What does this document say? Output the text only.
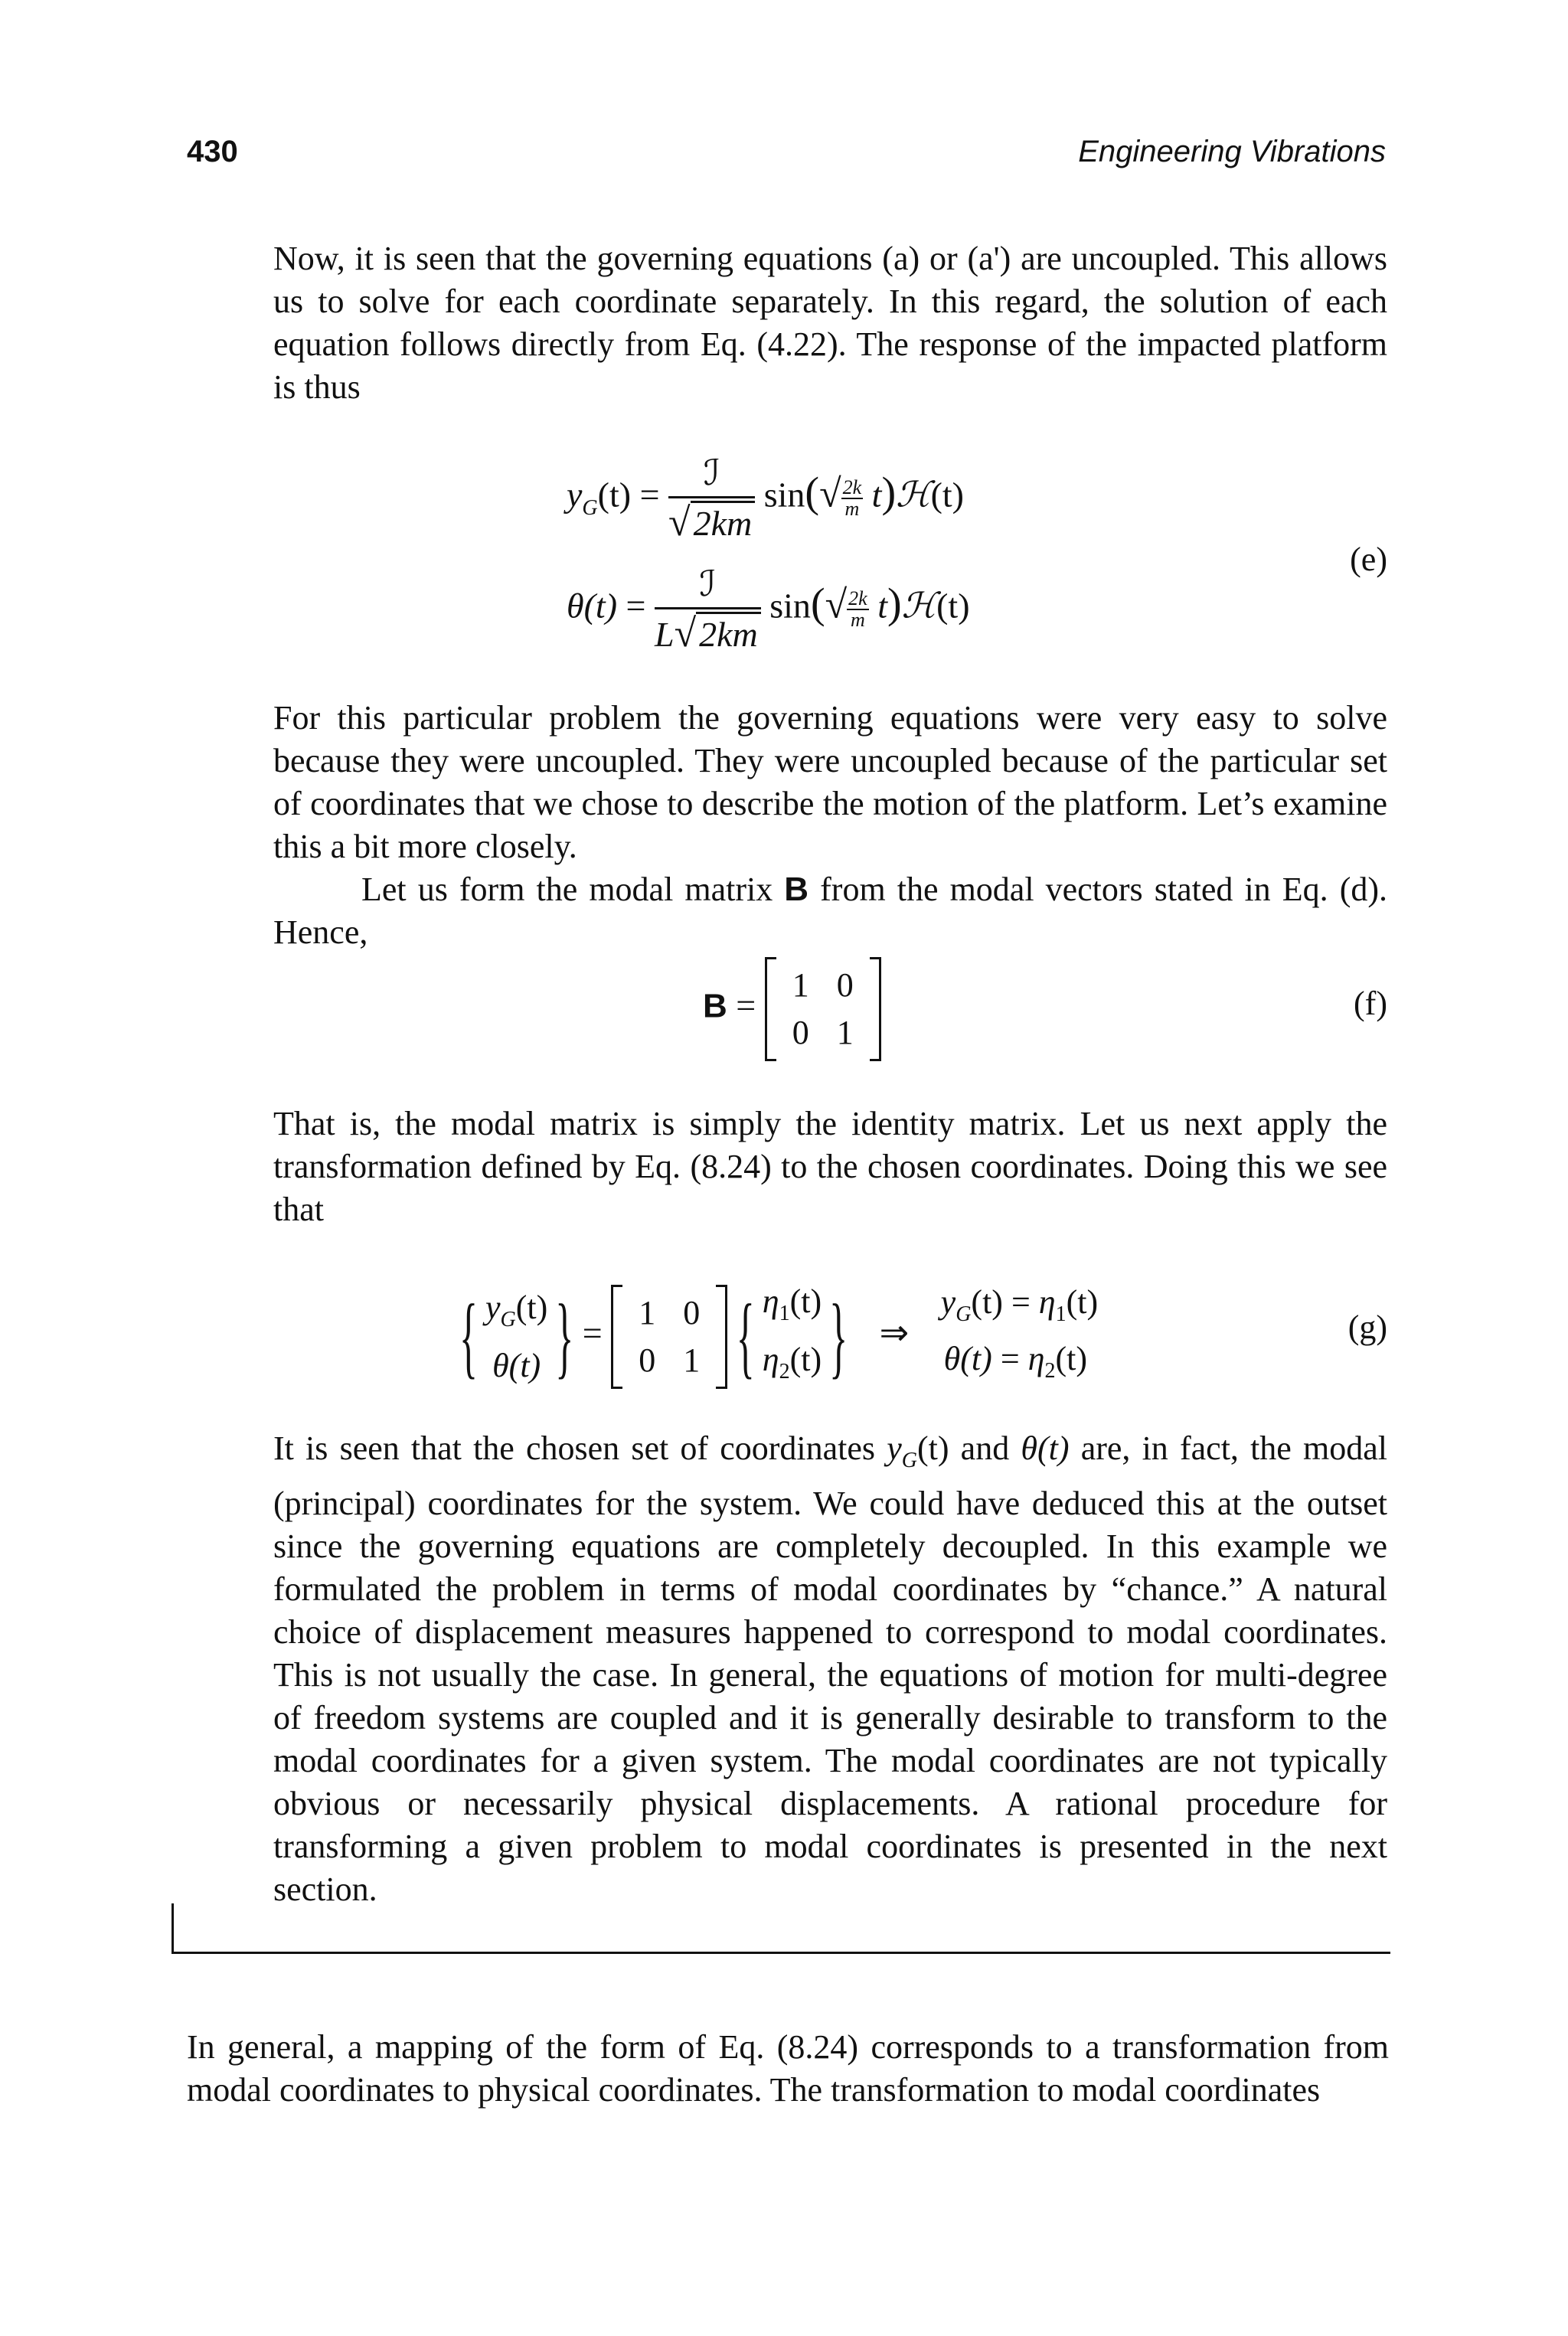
430	Engineering Vibrations

Now, it is seen that the governing equations (a) or (a') are uncoupled. This allows us to solve for each coordinate separately. In this regard, the solution of each equation follows directly from Eq. (4.22). The response of the impacted platform is thus

$y_G(t) = \frac{\text{ℐ}}{√2km} \sin(√ \frac{2k}{m}$ t)ℋ(t)
(e)
$\theta(t) = \frac{\text{ℐ}}{L√2km} \sin(√ \frac{2k}{m}$ t)ℋ(t)

For this particular problem the governing equations were very easy to solve because they were uncoupled. They were uncoupled because of the particular set of coordinates that we chose to describe the motion of the platform. Let’s examine this a bit more closely.

Let us form the modal matrix B from the modal vectors stated in Eq. (d). Hence,

B =
1	0
0	1
(f)

That is, the modal matrix is simply the identity matrix. Let us next apply the transformation defined by Eq. (8.24) to the chosen coordinates. Doing this we see that

{ $y_G(t)$
θ(t)
} =
1	0
0	1

{ $\eta_1(t)$
$\eta_2(t)$
} ⇒
$y_G(t) = \eta_1(t)$
$\theta(t) = \eta_2(t)$
(g)

It is seen that the chosen set of coordinates $y_G(t)$ and θ(t) are, in fact, the modal (principal) coordinates for the system. We could have deduced this at the outset since the governing equations are completely decoupled. In this example we formulated the problem in terms of modal coordinates by “chance.” A natural choice of displacement measures happened to correspond to modal coordinates. This is not usually the case. In general, the equations of motion for multi-degree of freedom systems are coupled and it is generally desirable to transform to the modal coordinates for a given system. The modal coordinates are not typically obvious or necessarily physical displacements. A rational procedure for transforming a given problem to modal coordinates is presented in the next section.

In general, a mapping of the form of Eq. (8.24) corresponds to a transformation from modal coordinates to physical coordinates. The transformation to modal coordinates
